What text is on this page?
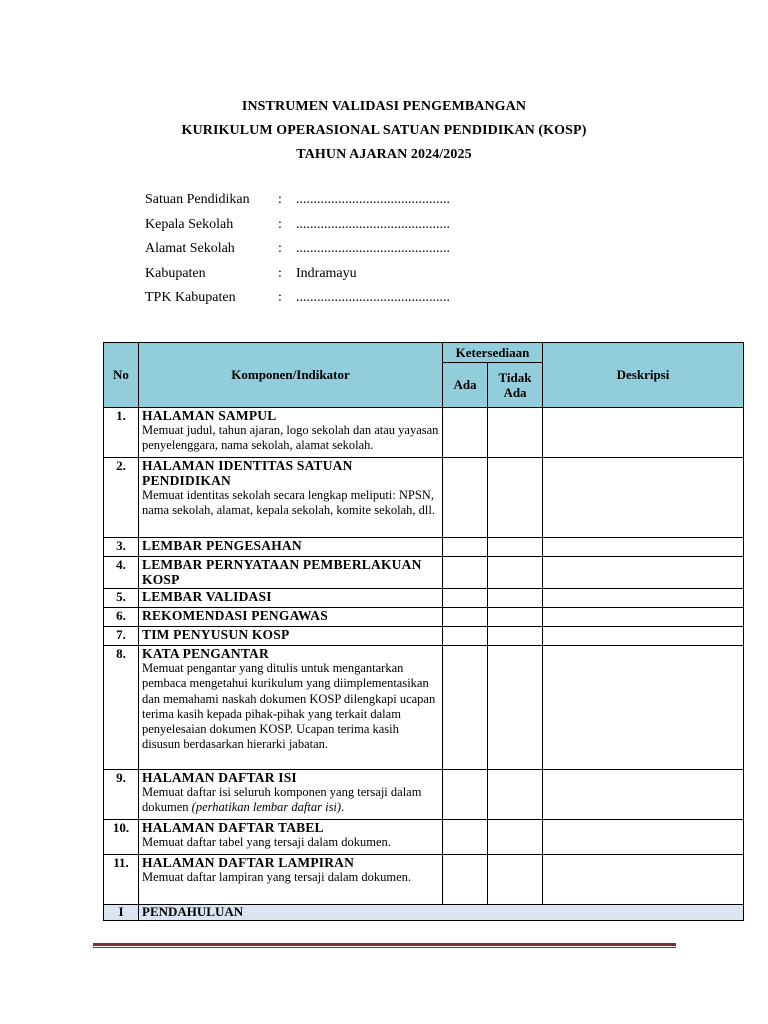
INSTRUMEN VALIDASI PENGEMBANGAN
KURIKULUM OPERASIONAL SATUAN PENDIDIKAN (KOSP)
TAHUN AJARAN 2024/2025
Satuan Pendidikan	:	............................................
Kepala Sekolah	:	............................................
Alamat Sekolah	:	............................................
Kabupaten	:	Indramayu
TPK Kabupaten	:	............................................
No	Komponen/Indikator	Ketersediaan		Deskripsi
		Ada	Tidak Ada	
1.	HALAMAN SAMPUL
Memuat judul, tahun ajaran, logo sekolah dan atau yayasan penyelenggara, nama sekolah, alamat sekolah.			

2.	HALAMAN IDENTITAS SATUAN PENDIDIKAN
Memuat identitas sekolah secara lengkap meliputi: NPSN, nama sekolah, alamat, kepala sekolah, komite sekolah, dll.			

3.	LEMBAR PENGESAHAN			

4.	LEMBAR PERNYATAAN PEMBERLAKUAN KOSP			

5.	LEMBAR VALIDASI			

6.	REKOMENDASI PENGAWAS			

7.	TIM PENYUSUN KOSP			

8.	KATA PENGANTAR
Memuat pengantar yang ditulis untuk mengantarkan pembaca mengetahui kurikulum yang diimplementasikan dan memahami naskah dokumen KOSP dilengkapi ucapan terima kasih kepada pihak-pihak yang terkait dalam penyelesaian dokumen KOSP. Ucapan terima kasih disusun berdasarkan hierarki jabatan.			

9.	HALAMAN DAFTAR ISI
Memuat daftar isi seluruh komponen yang tersaji dalam dokumen (perhatikan lembar daftar isi).			

10.	HALAMAN DAFTAR TABEL
Memuat daftar tabel yang tersaji dalam dokumen.			

11.	HALAMAN DAFTAR LAMPIRAN
Memuat daftar lampiran yang tersaji dalam dokumen.			

I	PENDAHULUAN			
